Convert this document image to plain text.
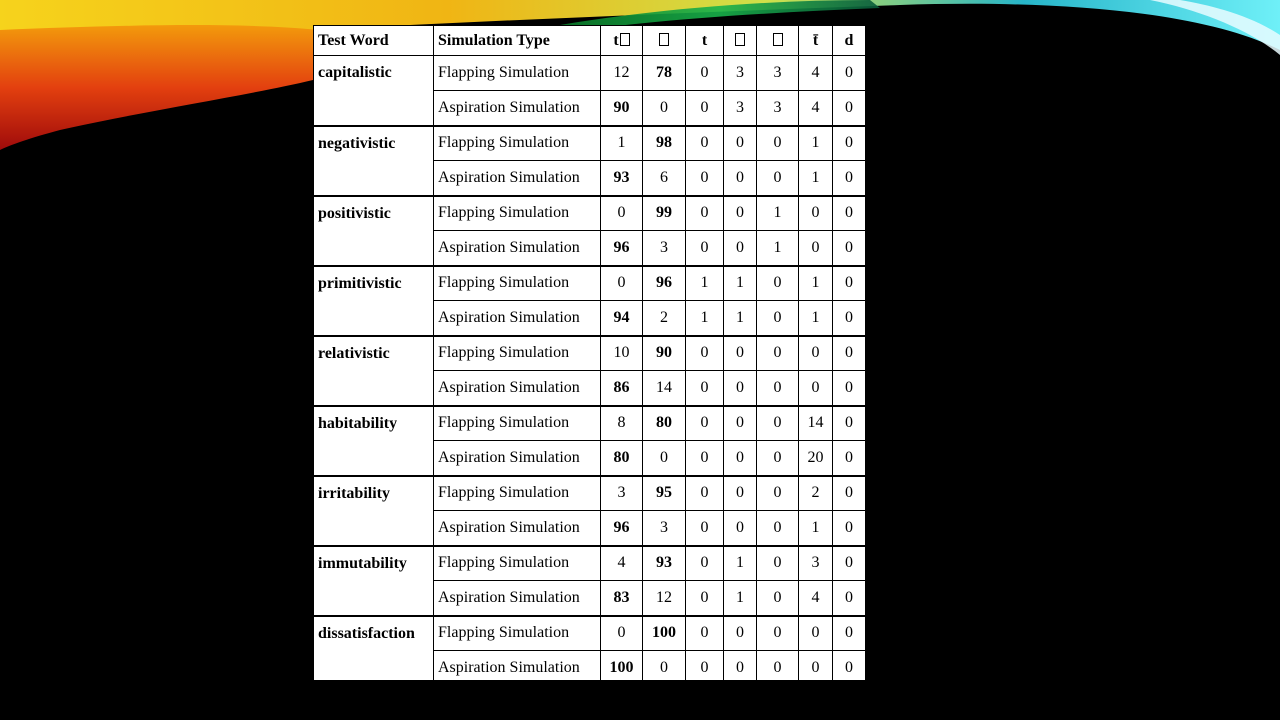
Test Word	Simulation Type	t		t			t̄	d
capitalistic	Flapping Simulation	12	78	0	3	3	4	0
	Aspiration Simulation	90	0	0	3	3	4	0
negativistic	Flapping Simulation	1	98	0	0	0	1	0
	Aspiration Simulation	93	6	0	0	0	1	0
positivistic	Flapping Simulation	0	99	0	0	1	0	0
	Aspiration Simulation	96	3	0	0	1	0	0
primitivistic	Flapping Simulation	0	96	1	1	0	1	0
	Aspiration Simulation	94	2	1	1	0	1	0
relativistic	Flapping Simulation	10	90	0	0	0	0	0
	Aspiration Simulation	86	14	0	0	0	0	0
habitability	Flapping Simulation	8	80	0	0	0	14	0
	Aspiration Simulation	80	0	0	0	0	20	0
irritability	Flapping Simulation	3	95	0	0	0	2	0
	Aspiration Simulation	96	3	0	0	0	1	0
immutability	Flapping Simulation	4	93	0	1	0	3	0
	Aspiration Simulation	83	12	0	1	0	4	0
dissatisfaction	Flapping Simulation	0	100	0	0	0	0	0
	Aspiration Simulation	100	0	0	0	0	0	0
